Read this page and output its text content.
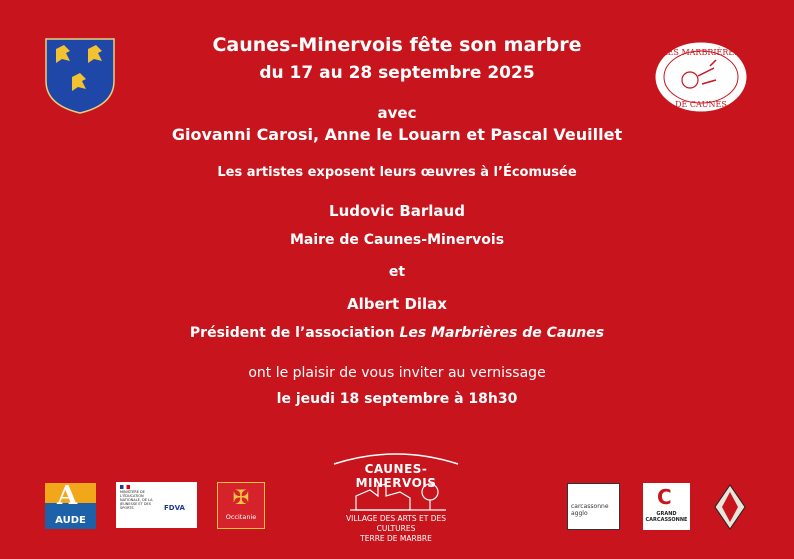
Caunes-Minervois fête son marbre
du 17 au 28 septembre 2025
LES MARBRIÈRES
DE CAUNES
avec
Giovanni Carosi, Anne le Louarn et Pascal Veuillet
Les artistes exposent leurs œuvres à l’Écomusée
Ludovic Barlaud
Maire de Caunes-Minervois
et
Albert Dilax
Président de l’association Les Marbrières de Caunes
ont le plaisir de vous inviter au vernissage
le jeudi 18 septembre à 18h30
A
AUDE
MINISTÈRE DE L’ÉDUCATION NATIONALE, DE LA JEUNESSE ET DES SPORTS	FDVA ✠
Occitanie
CAUNES-MINERVOIS
VILLAGE DES ARTS ET DES CULTURES
TERRE DE MARBRE
carcassonne agglo
C
GRAND CARCASSONNE
